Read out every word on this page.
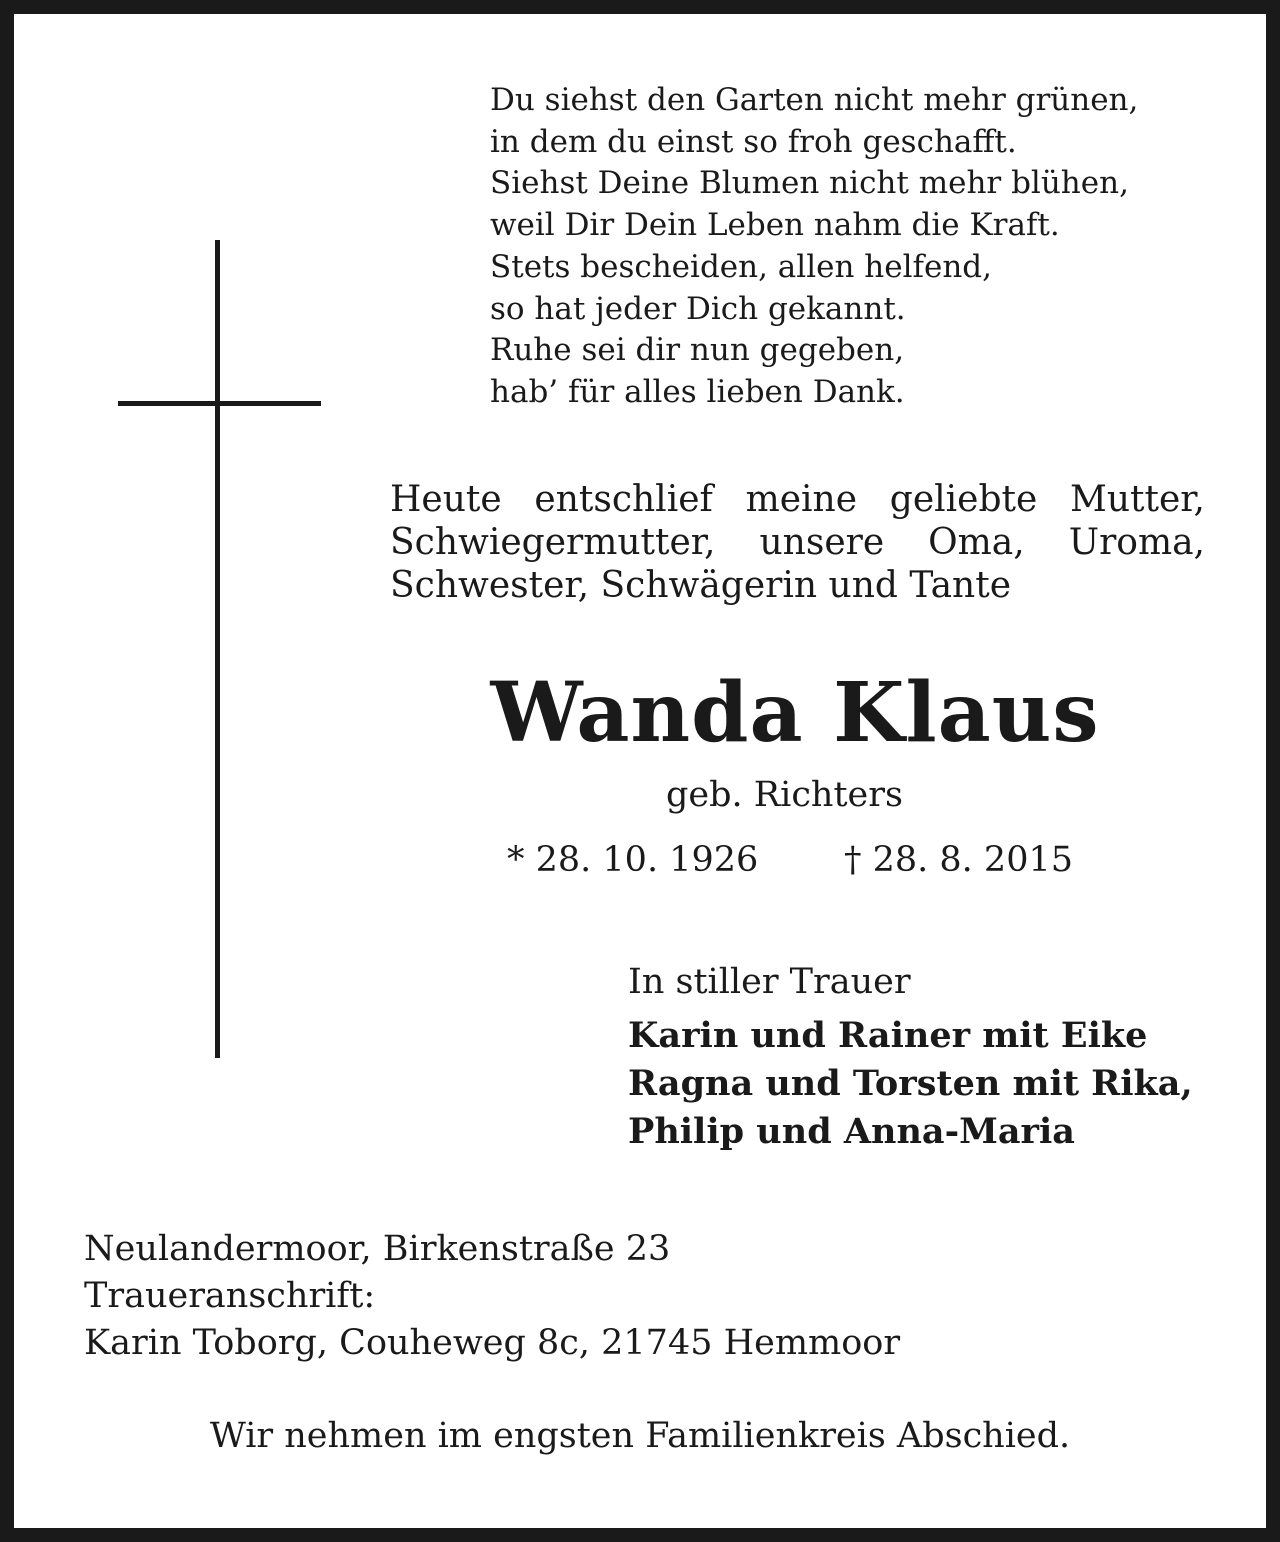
Du siehst den Garten nicht mehr grünen,
in dem du einst so froh geschafft.
Siehst Deine Blumen nicht mehr blühen,
weil Dir Dein Leben nahm die Kraft.
Stets bescheiden, allen helfend,
so hat jeder Dich gekannt.
Ruhe sei dir nun gegeben,
hab’ für alles lieben Dank.
Heute entschlief meine geliebte Mutter,
Schwiegermutter, unsere Oma, Uroma,
Schwester, Schwägerin und Tante
Wanda Klaus
geb. Richters
* 28. 10. 1926 † 28. 8. 2015
In stiller Trauer
Karin und Rainer mit Eike
Ragna und Torsten mit Rika,
Philip und Anna-Maria
Neulandermoor, Birkenstraße 23
Traueranschrift:
Karin Toborg, Couheweg 8c, 21745 Hemmoor
Wir nehmen im engsten Familienkreis Abschied.
